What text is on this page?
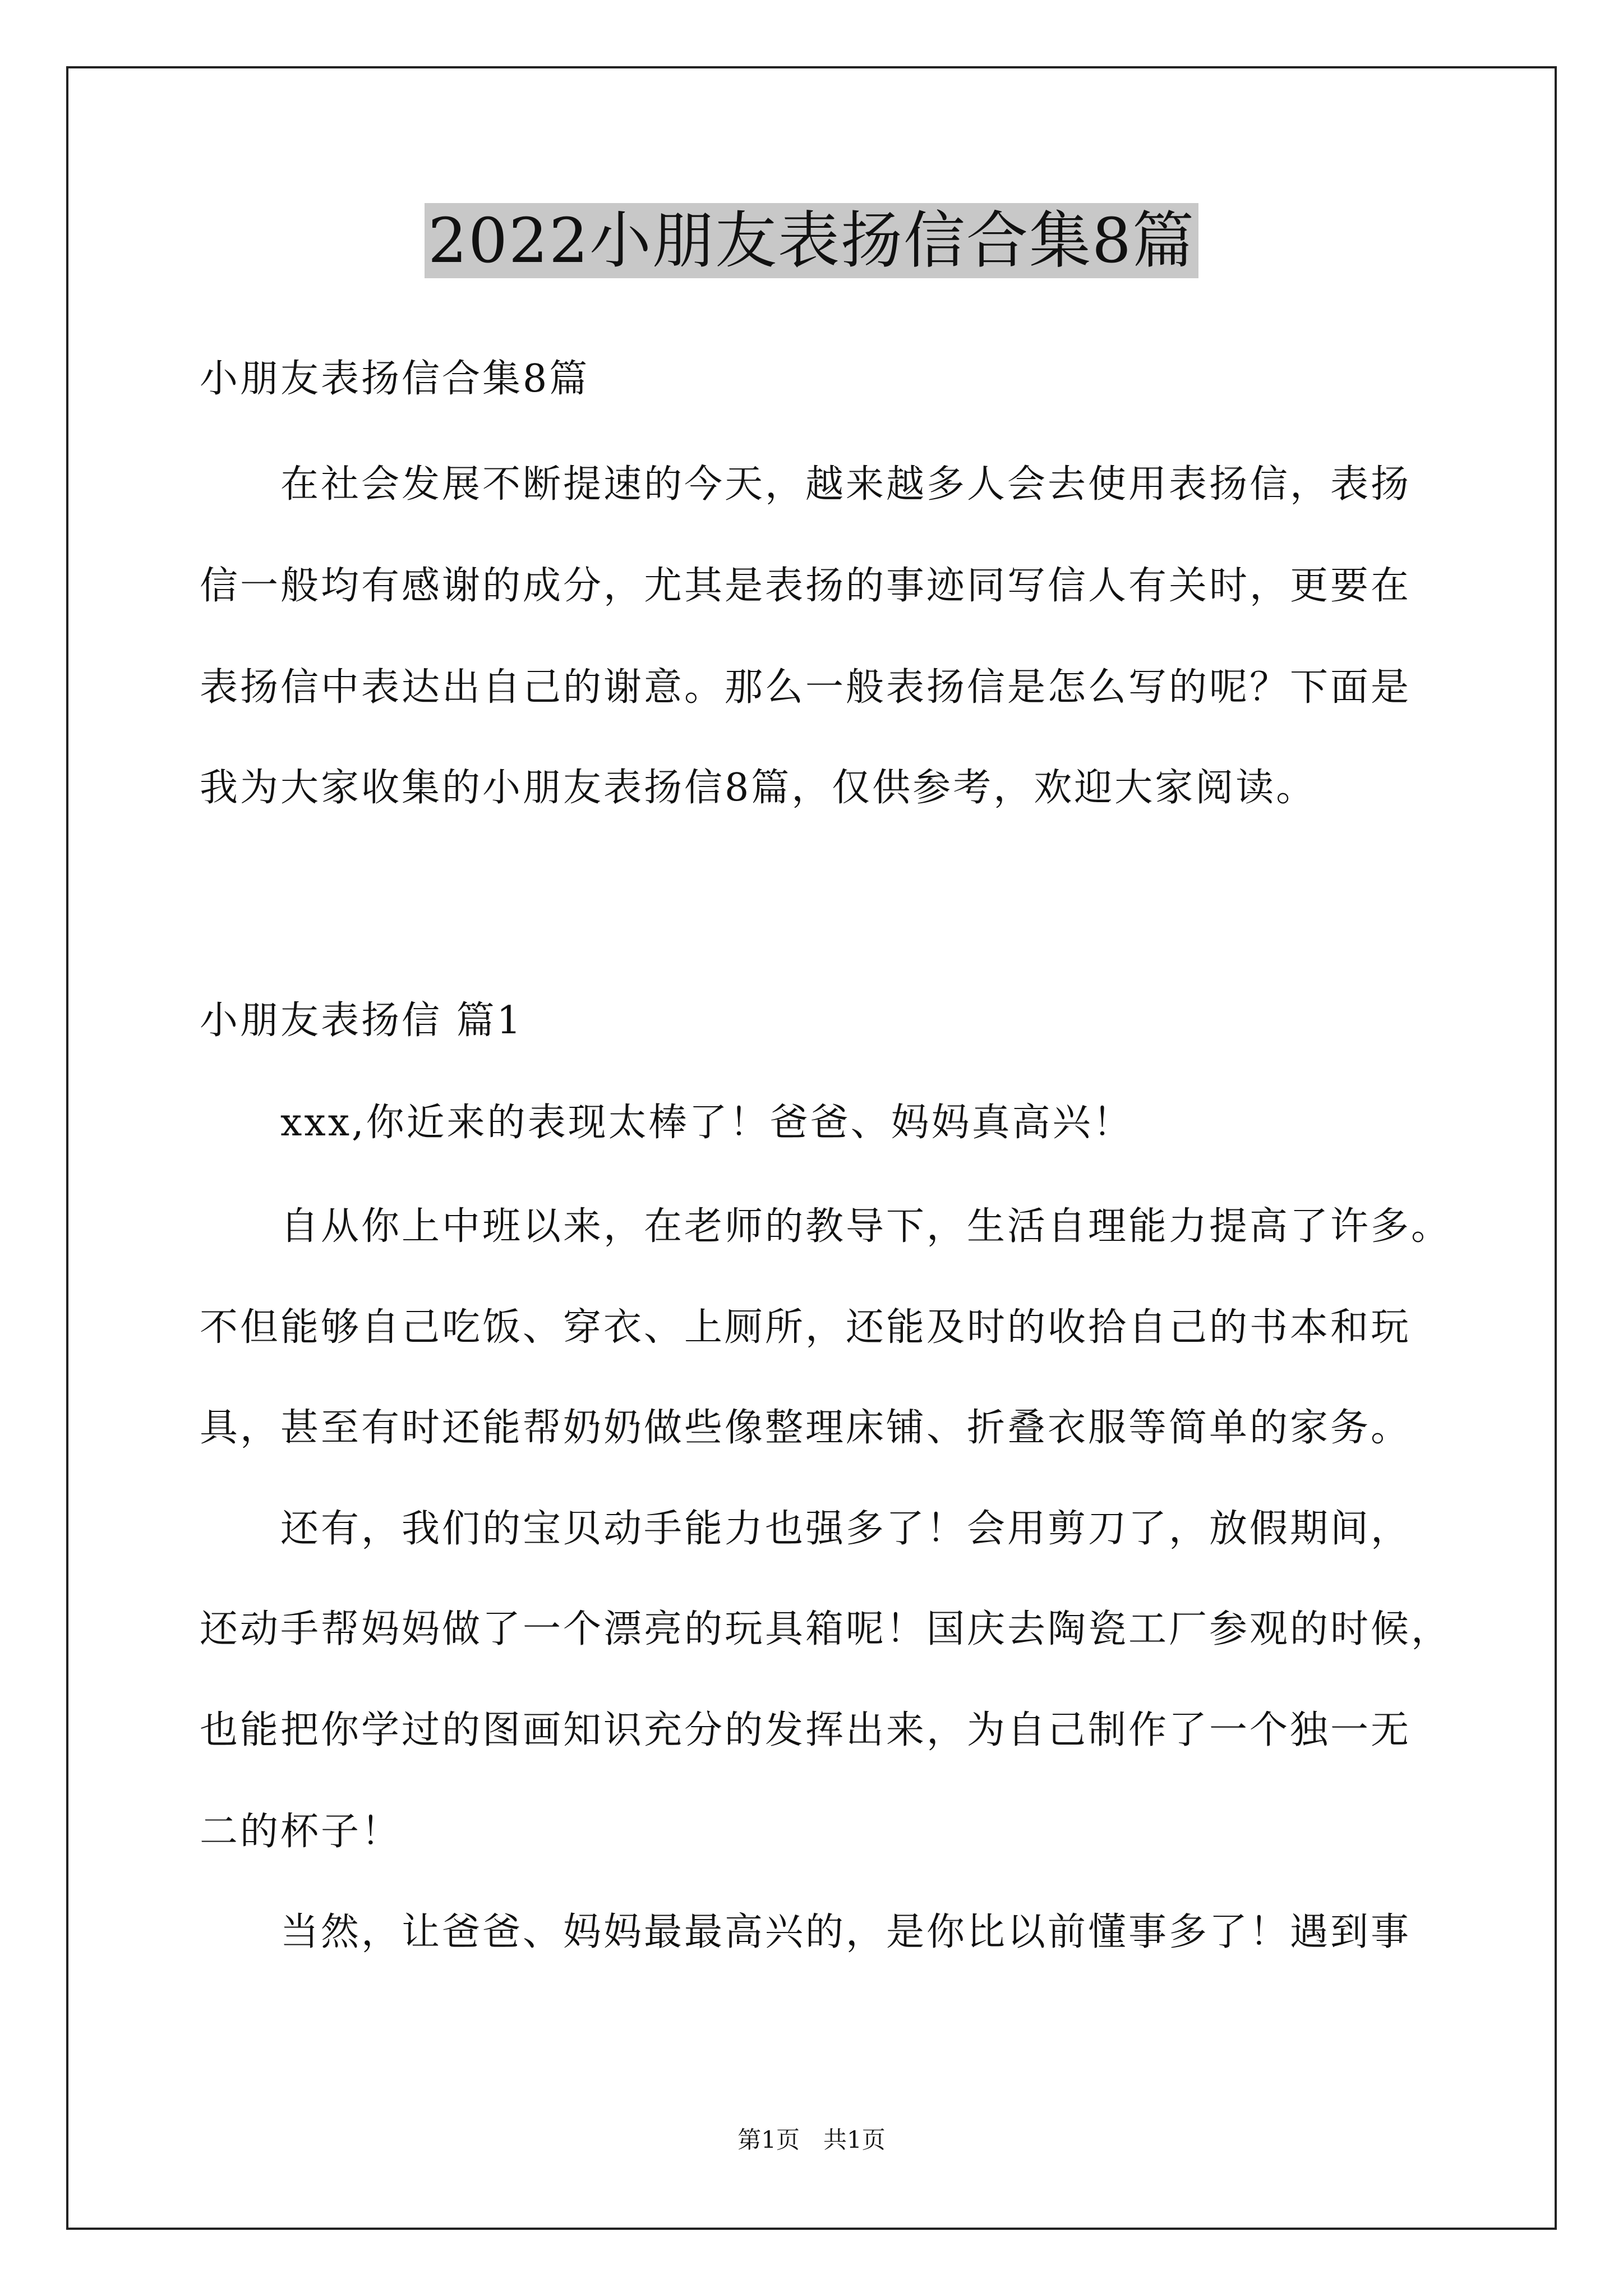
2022小朋友表扬信合集8篇
小朋友表扬信合集8篇
在社会发展不断提速的今天，越来越多人会去使用表扬信，表扬
信一般均有感谢的成分，尤其是表扬的事迹同写信人有关时，更要在
表扬信中表达出自己的谢意。那么一般表扬信是怎么写的呢？下面是
我为大家收集的小朋友表扬信8篇，仅供参考，欢迎大家阅读。
小朋友表扬信 篇1
xxx,你近来的表现太棒了！爸爸、妈妈真高兴！
自从你上中班以来，在老师的教导下，生活自理能力提高了许多。
不但能够自己吃饭、穿衣、上厕所，还能及时的收拾自己的书本和玩
具，甚至有时还能帮奶奶做些像整理床铺、折叠衣服等简单的家务。
还有，我们的宝贝动手能力也强多了！会用剪刀了，放假期间，
还动手帮妈妈做了一个漂亮的玩具箱呢！国庆去陶瓷工厂参观的时候，
也能把你学过的图画知识充分的发挥出来，为自己制作了一个独一无
二的杯子！
当然，让爸爸、妈妈最最高兴的，是你比以前懂事多了！遇到事
第1页　共1页
